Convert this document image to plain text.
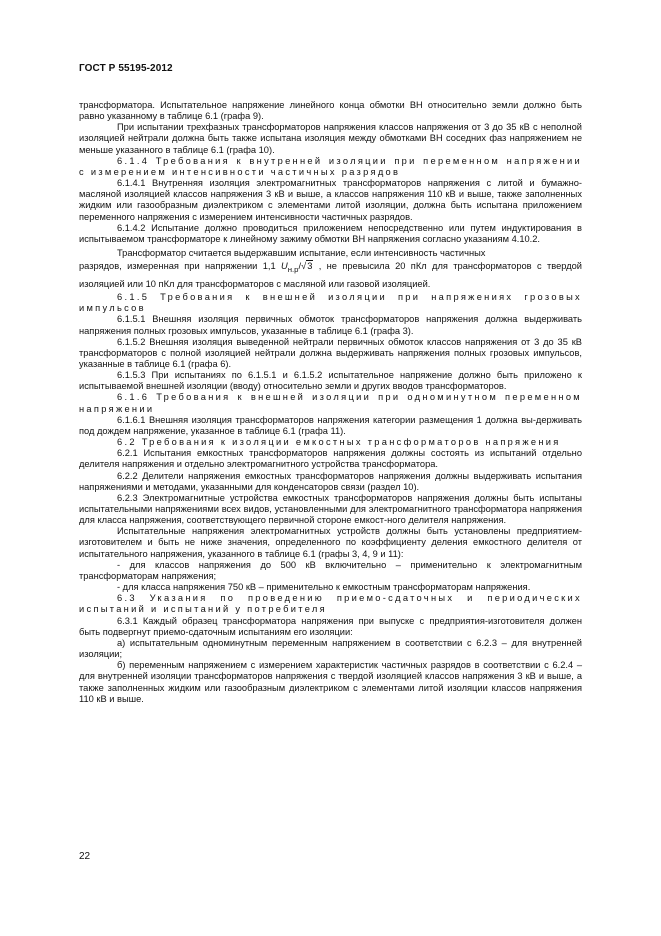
ГОСТ Р 55195-2012

трансформатора. Испытательное напряжение линейного конца обмотки ВН относительно земли должно быть равно указанному в таблице 6.1 (графа 9).

При испытании трехфазных трансформаторов напряжения классов напряжения от 3 до 35 кВ с неполной изоляцией нейтрали должна быть также испытана изоляция между обмотками ВН соседних фаз напряжением не меньше указанного в таблице 6.1 (графа 10).

6.1.4 Требования к внутренней изоляции при переменном напряжении с измерением интенсивности частичных разрядов

6.1.4.1 Внутренняя изоляция электромагнитных трансформаторов напряжения с литой и бумажно-масляной изоляцией классов напряжения 3 кВ и выше, а классов напряжения 110 кВ и выше, также заполненных жидким или газообразным диэлектриком с элементами литой изоляции, должна быть испытана приложением переменного напряжения с измерением интенсивности частичных разрядов.

6.1.4.2 Испытание должно проводиться приложением непосредственно или путем индуктирования в испытываемом трансформаторе к линейному зажиму обмотки ВН напряжения согласно указаниям 4.10.2.

Трансформатор считается выдержавшим испытание, если интенсивность частичных

разрядов, измеренная при напряжении 1,1 $U_{н.р}/√3$ , не превысила 20 пКл для трансформаторов с твердой изоляцией или 10 пКл для трансформаторов с масляной или газовой изоляцией.

6.1.5 Требования к внешней изоляции при напряжениях грозовых импульсов

6.1.5.1 Внешняя изоляция первичных обмоток трансформаторов напряжения должна выдерживать напряжения полных грозовых импульсов, указанные в таблице 6.1 (графа 3).

6.1.5.2 Внешняя изоляция выведенной нейтрали первичных обмоток классов напряжения от 3 до 35 кВ трансформаторов с полной изоляцией нейтрали должна выдерживать напряжения полных грозовых импульсов, указанные в таблице 6.1 (графа 6).

6.1.5.3 При испытаниях по 6.1.5.1 и 6.1.5.2 испытательное напряжение должно быть приложено к испытываемой внешней изоляции (вводу) относительно земли и других вводов трансформаторов.

6.1.6 Требования к внешней изоляции при одноминутном переменном напряжении

6.1.6.1 Внешняя изоляция трансформаторов напряжения категории размещения 1 должна вы-держивать под дождем напряжение, указанное в таблице 6.1 (графа 11).

6.2 Требования к изоляции емкостных трансформаторов напряжения

6.2.1 Испытания емкостных трансформаторов напряжения должны состоять из испытаний отдельно делителя напряжения и отдельно электромагнитного устройства трансформатора.

6.2.2 Делители напряжения емкостных трансформаторов напряжения должны выдерживать испытания напряжениями и методами, указанными для конденсаторов связи (раздел 10).

6.2.3 Электромагнитные устройства емкостных трансформаторов напряжения должны быть испытаны испытательными напряжениями всех видов, установленными для электромагнитного трансформатора напряжения для класса напряжения, соответствующего первичной стороне емкост-ного делителя напряжения.

Испытательные напряжения электромагнитных устройств должны быть установлены предприятием-изготовителем и быть не ниже значения, определенного по коэффициенту деления емкостного делителя от испытательного напряжения, указанного в таблице 6.1 (графы 3, 4, 9 и 11):

- для классов напряжения до 500 кВ включительно – применительно к электромагнитным трансформаторам напряжения;

- для класса напряжения 750 кВ – применительно к емкостным трансформаторам напряжения.

6.3 Указания по проведению приемо-сдаточных и периодических испытаний и испытаний у потребителя

6.3.1 Каждый образец трансформатора напряжения при выпуске с предприятия-изготовителя должен быть подвергнут приемо-сдаточным испытаниям его изоляции:

а) испытательным одноминутным переменным напряжением в соответствии с 6.2.3 – для внутренней изоляции;

б) переменным напряжением с измерением характеристик частичных разрядов в соответствии с 6.2.4 – для внутренней изоляции трансформаторов напряжения с твердой изоляцией классов напряжения 3 кВ и выше, а также заполненных жидким или газообразным диэлектриком с элементами литой изоляции классов напряжения 110 кВ и выше.

22
